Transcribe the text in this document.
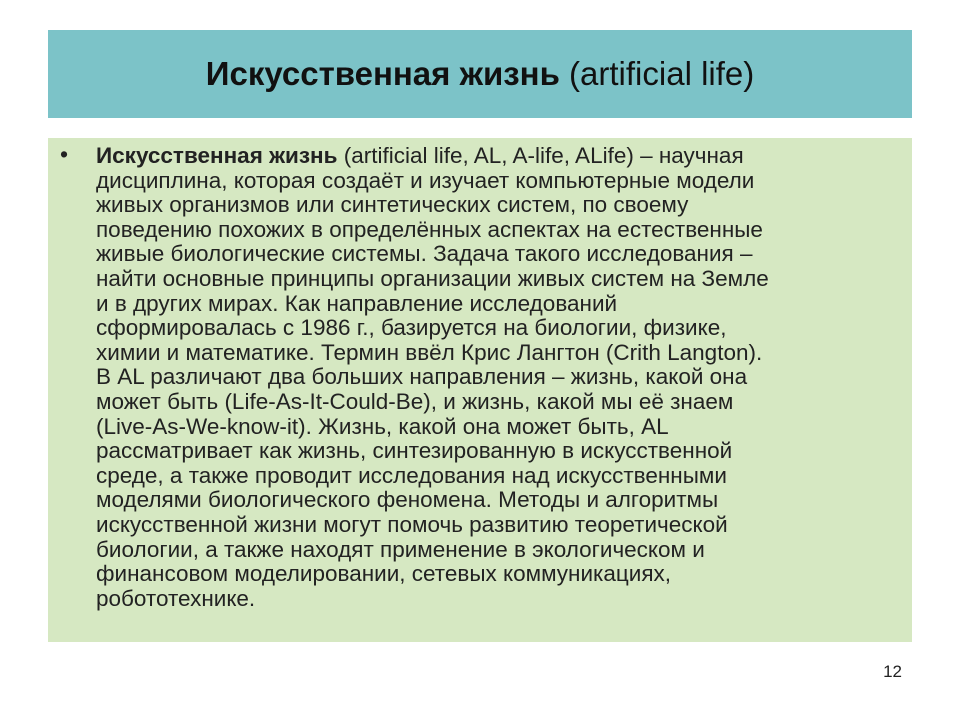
Искусственная жизнь (artificial life)
• Искусственная жизнь (artificial life, AL, A-life, ALife) – научная
дисциплина, которая создаёт и изучает компьютерные модели
живых организмов или синтетических систем, по своему
поведению похожих в определённых аспектах на естественные
живые биологические системы. Задача такого исследования –
найти основные принципы организации живых систем на Земле
и в других мирах. Как направление исследований
сформировалась с 1986 г., базируется на биологии, физике,
химии и математике. Термин ввёл Крис Лангтон (Crith Langton).
В AL различают два больших направления – жизнь, какой она
может быть (Life-As-It-Could-Be), и жизнь, какой мы её знаем
(Live-As-We-know-it). Жизнь, какой она может быть, AL
рассматривает как жизнь, синтезированную в искусственной
среде, а также проводит исследования над искусственными
моделями биологического феномена. Методы и алгоритмы
искусственной жизни могут помочь развитию теоретической
биологии, а также находят применение в экологическом и
финансовом моделировании, сетевых коммуникациях,
робототехнике.
12
